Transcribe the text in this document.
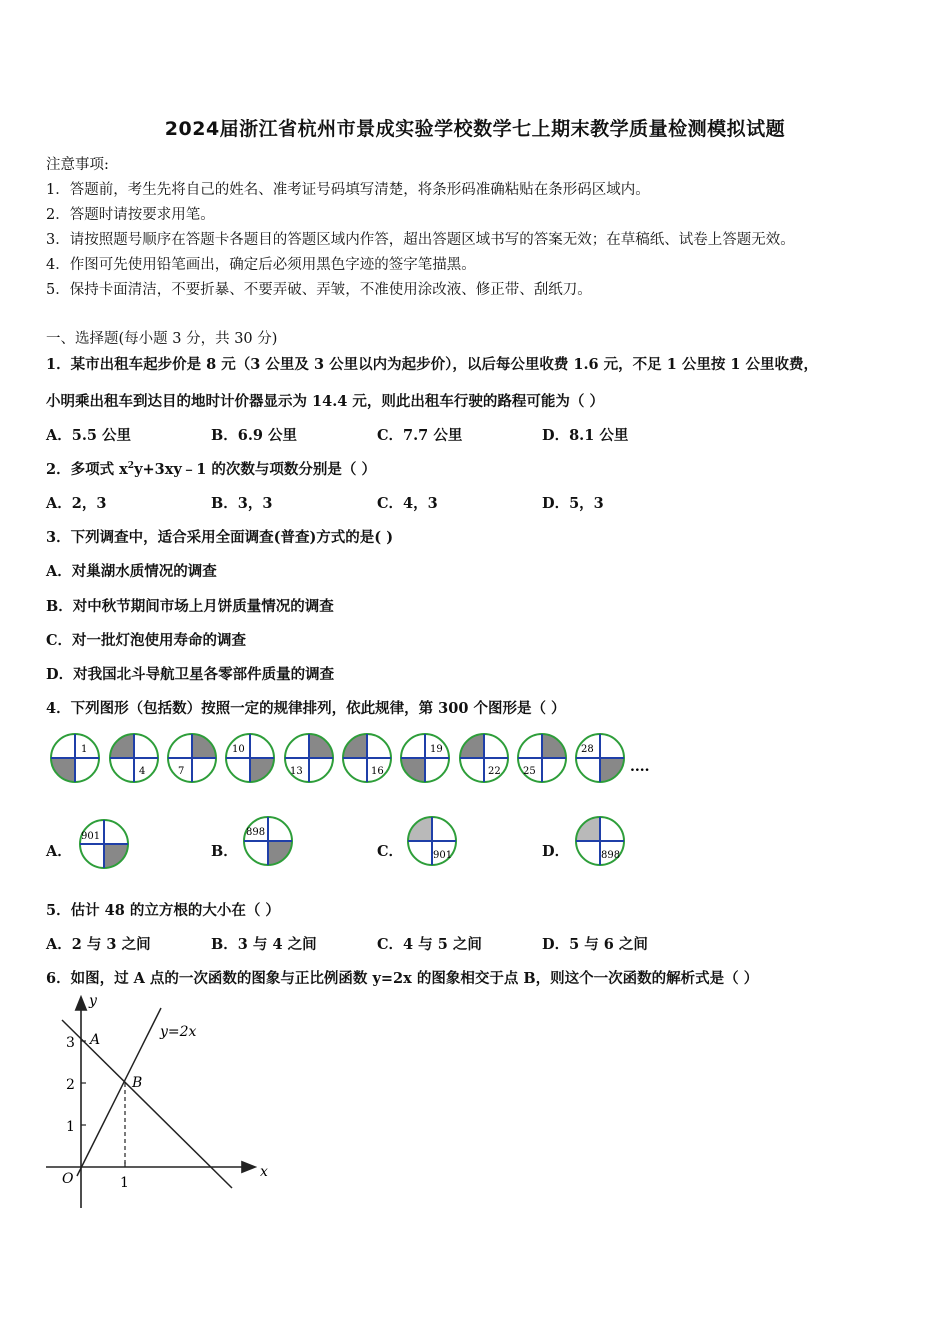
2024届浙江省杭州市景成实验学校数学七上期末教学质量检测模拟试题
注意事项:
1．答题前，考生先将自己的姓名、准考证号码填写清楚，将条形码准确粘贴在条形码区域内。
2．答题时请按要求用笔。
3．请按照题号顺序在答题卡各题目的答题区域内作答，超出答题区域书写的答案无效；在草稿纸、试卷上答题无效。
4．作图可先使用铅笔画出，确定后必须用黑色字迹的签字笔描黑。
5．保持卡面清洁，不要折暴、不要弄破、弄皱，不准使用涂改液、修正带、刮纸刀。
一、选择题(每小题 3 分，共 30 分)
1．某市出租车起步价是 8 元（3 公里及 3 公里以内为起步价），以后每公里收费 1.6 元，不足 1 公里按 1 公里收费，
小明乘出租车到达目的地时计价器显示为 14.4 元，则此出租车行驶的路程可能为（ ）
A．5.5 公里	B．6.9 公里	C．7.7 公里	D．8.1 公里
2．多项式 $x^2y+3xy﹣1$ 的次数与项数分别是（ ）
A．2，3	B．3，3	C．4，3	D．5，3
3．下列调查中，适合采用全面调查(普查)方式的是( )
A．对巢湖水质情况的调查
B．对中秋节期间市场上月饼质量情况的调查
C．对一批灯泡使用寿命的调查
D．对我国北斗导航卫星各零部件质量的调查
4．下列图形（包括数）按照一定的规律排列，依此规律，第 300 个图形是（ ）
1
4	7
10
13	16
19
22 25
28
....
A．	B．	C．	D．
901	898
901	898
5．估计 48 的立方根的大小在（ ）
A．2 与 3 之间	B．3 与 4 之间	C．4 与 5 之间	D．5 与 6 之间
6．如图，过 A 点的一次函数的图象与正比例函数 y=2x 的图象相交于点 B，则这个一次函数的解析式是（ ）
y
x
O
3
2
1
1
A
B
y=2x
